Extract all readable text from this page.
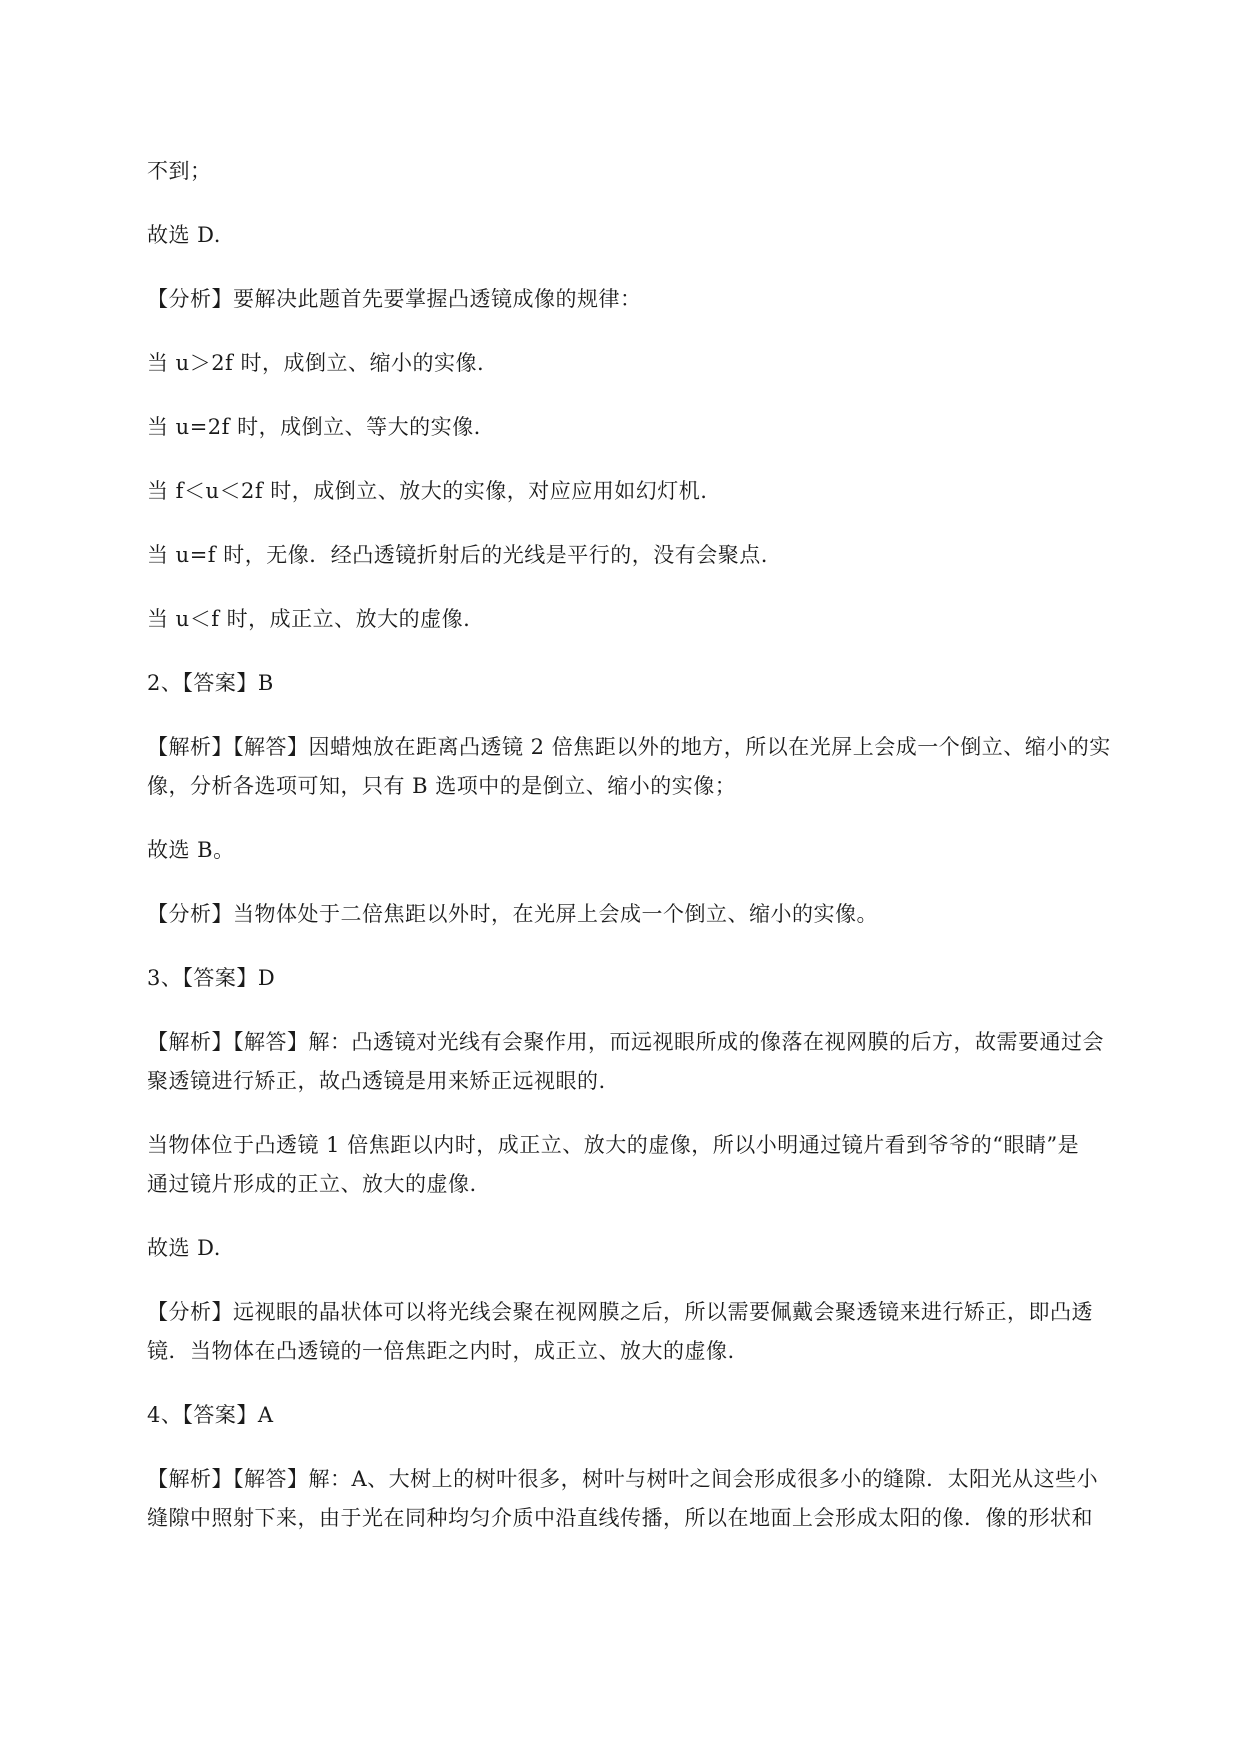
不到；

故选 D.

【分析】要解决此题首先要掌握凸透镜成像的规律：

当 u＞2f 时，成倒立、缩小的实像.

当 u=2f 时，成倒立、等大的实像.

当 f＜u＜2f 时，成倒立、放大的实像，对应应用如幻灯机.

当 u=f 时，无像．经凸透镜折射后的光线是平行的，没有会聚点.

当 u＜f 时，成正立、放大的虚像.

2、【答案】B

【解析】【解答】因蜡烛放在距离凸透镜 2 倍焦距以外的地方，所以在光屏上会成一个倒立、缩小的实
像，分析各选项可知，只有 B 选项中的是倒立、缩小的实像；

故选 B。

【分析】当物体处于二倍焦距以外时，在光屏上会成一个倒立、缩小的实像。

3、【答案】D

【解析】【解答】解：凸透镜对光线有会聚作用，而远视眼所成的像落在视网膜的后方，故需要通过会
聚透镜进行矫正，故凸透镜是用来矫正远视眼的.

当物体位于凸透镜 1 倍焦距以内时，成正立、放大的虚像，所以小明通过镜片看到爷爷的“眼睛”是
通过镜片形成的正立、放大的虚像.

故选 D.

【分析】远视眼的晶状体可以将光线会聚在视网膜之后，所以需要佩戴会聚透镜来进行矫正，即凸透
镜．当物体在凸透镜的一倍焦距之内时，成正立、放大的虚像.

4、【答案】A

【解析】【解答】解：A、大树上的树叶很多，树叶与树叶之间会形成很多小的缝隙．太阳光从这些小
缝隙中照射下来，由于光在同种均匀介质中沿直线传播，所以在地面上会形成太阳的像．像的形状和
